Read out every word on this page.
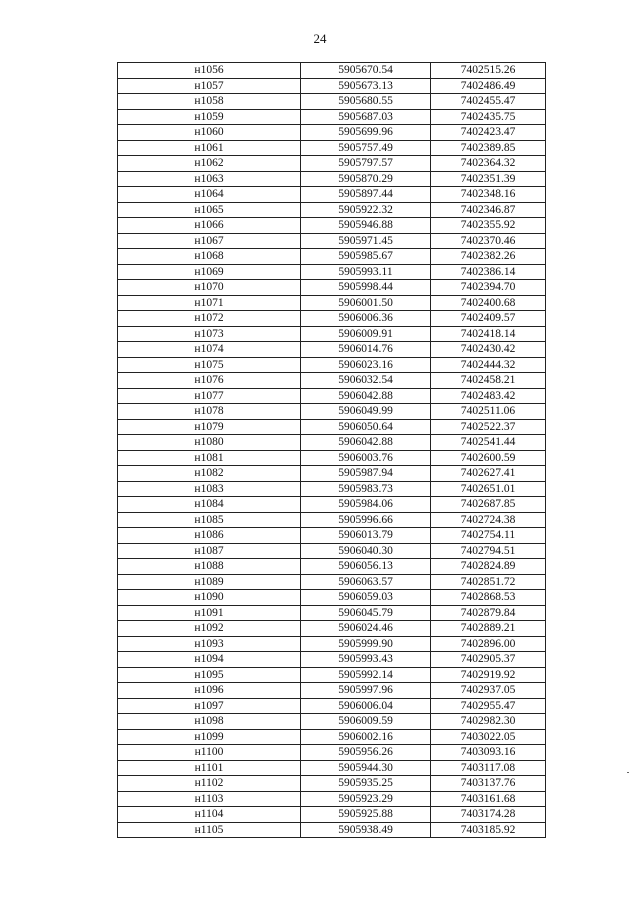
24
н1056	5905670.54	7402515.26
н1057	5905673.13	7402486.49
н1058	5905680.55	7402455.47
н1059	5905687.03	7402435.75
н1060	5905699.96	7402423.47
н1061	5905757.49	7402389.85
н1062	5905797.57	7402364.32
н1063	5905870.29	7402351.39
н1064	5905897.44	7402348.16
н1065	5905922.32	7402346.87
н1066	5905946.88	7402355.92
н1067	5905971.45	7402370.46
н1068	5905985.67	7402382.26
н1069	5905993.11	7402386.14
н1070	5905998.44	7402394.70
н1071	5906001.50	7402400.68
н1072	5906006.36	7402409.57
н1073	5906009.91	7402418.14
н1074	5906014.76	7402430.42
н1075	5906023.16	7402444.32
н1076	5906032.54	7402458.21
н1077	5906042.88	7402483.42
н1078	5906049.99	7402511.06
н1079	5906050.64	7402522.37
н1080	5906042.88	7402541.44
н1081	5906003.76	7402600.59
н1082	5905987.94	7402627.41
н1083	5905983.73	7402651.01
н1084	5905984.06	7402687.85
н1085	5905996.66	7402724.38
н1086	5906013.79	7402754.11
н1087	5906040.30	7402794.51
н1088	5906056.13	7402824.89
н1089	5906063.57	7402851.72
н1090	5906059.03	7402868.53
н1091	5906045.79	7402879.84
н1092	5906024.46	7402889.21
н1093	5905999.90	7402896.00
н1094	5905993.43	7402905.37
н1095	5905992.14	7402919.92
н1096	5905997.96	7402937.05
н1097	5906006.04	7402955.47
н1098	5906009.59	7402982.30
н1099	5906002.16	7403022.05
н1100	5905956.26	7403093.16
н1101	5905944.30	7403117.08
н1102	5905935.25	7403137.76
н1103	5905923.29	7403161.68
н1104	5905925.88	7403174.28
н1105	5905938.49	7403185.92
